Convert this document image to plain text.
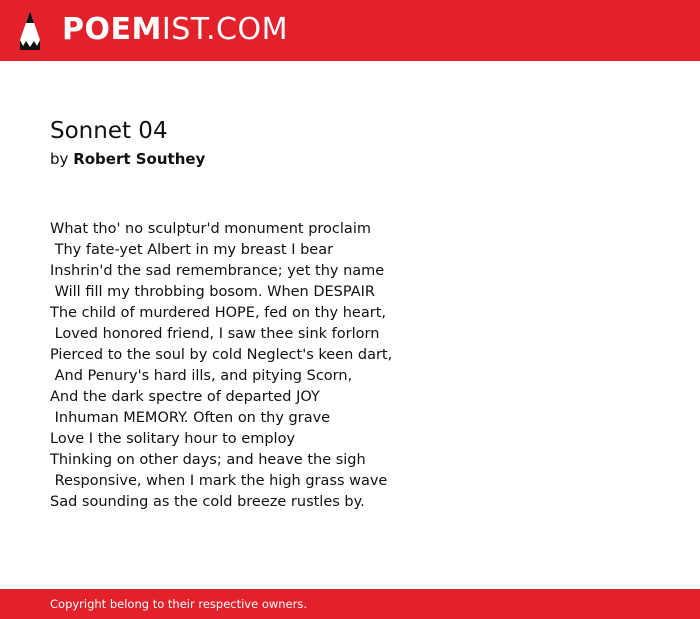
POEMIST.COM
Sonnet 04
by Robert Southey
What tho' no sculptur'd monument proclaim
Thy fate-yet Albert in my breast I bear
Inshrin'd the sad remembrance; yet thy name
Will fill my throbbing bosom. When DESPAIR
The child of murdered HOPE, fed on thy heart,
Loved honored friend, I saw thee sink forlorn
Pierced to the soul by cold Neglect's keen dart,
And Penury's hard ills, and pitying Scorn,
And the dark spectre of departed JOY
Inhuman MEMORY. Often on thy grave
Love I the solitary hour to employ
Thinking on other days; and heave the sigh
Responsive, when I mark the high grass wave
Sad sounding as the cold breeze rustles by.
Copyright belong to their respective owners.
